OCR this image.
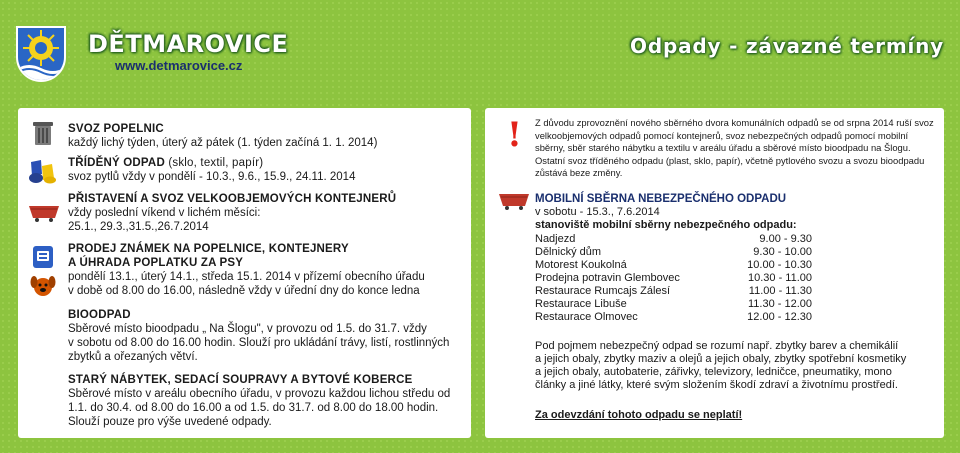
DĚTMAROVICE
www.detmarovice.cz
Odpady - závazné termíny
SVOZ POPELNIC
každý lichý týden, úterý až pátek (1. týden začíná 1. 1. 2014)
TŘÍDĚNÝ ODPAD (sklo, textil, papír)
svoz pytlů vždy v pondělí - 10.3., 9.6., 15.9., 24.11. 2014
PŘISTAVENÍ A SVOZ VELKOOBJEMOVÝCH KONTEJNERŮ
vždy poslední víkend v lichém měsíci:
25.1., 29.3.,31.5.,26.7.2014
PRODEJ ZNÁMEK NA POPELNICE, KONTEJNERY
A ÚHRADA POPLATKU ZA PSY
pondělí 13.1., úterý 14.1., středa 15.1. 2014 v přízemí obecního úřadu
v době od 8.00 do 16.00, následně vždy v úřední dny do konce ledna
BIOODPAD
Sběrové místo bioodpadu „ Na Šlogu", v provozu od 1.5. do 31.7. vždy
v sobotu od 8.00 do 16.00 hodin. Slouží pro ukládání trávy, listí, rostlinných
zbytků a ořezaných větví.
STARÝ NÁBYTEK, SEDACÍ SOUPRAVY A BYTOVÉ KOBERCE
Sběrové místo v areálu obecního úřadu, v provozu každou lichou středu od
1.1. do 30.4. od 8.00 do 16.00 a od 1.5. do 31.7. od 8.00 do 18.00 hodin.
Slouží pouze pro výše uvedené odpady.
! Z důvodu zprovoznění nového sběrného dvora komunálních odpadů se od srpna 2014 ruší svoz velkoobjemových odpadů pomocí kontejnerů, svoz nebezpečných odpadů pomocí mobilní sběrny, sběr starého nábytku a textilu v areálu úřadu a sběrové místo bioodpadu na Šlogu. Ostatní svoz tříděného odpadu (plast, sklo, papír), včetně pytlového svozu a svozu bioodpadu zůstává beze změny.
MOBILNÍ SBĚRNA NEBEZPEČNÉHO ODPADU
v sobotu - 15.3., 7.6.2014
stanoviště mobilní sběrny nebezpečného odpadu:
Nadjezd	9.00 - 9.30
Dělnický dům	9.30 - 10.00
Motorest Koukolná	10.00 - 10.30
Prodejna potravin Glembovec	10.30 - 11.00
Restaurace Rumcajs Zálesí	11.00 - 11.30
Restaurace Libuše	11.30 - 12.00
Restaurace Olmovec	12.00 - 12.30
Pod pojmem nebezpečný odpad se rozumí např. zbytky barev a chemikálií
a jejich obaly, zbytky maziv a olejů a jejich obaly, zbytky spotřební kosmetiky
a jejich obaly, autobaterie, zářivky, televizory, ledničce, pneumatiky, mono
články a jiné látky, které svým složením škodí zdraví a životnímu prostředí.
Za odevzdání tohoto odpadu se neplatí!
